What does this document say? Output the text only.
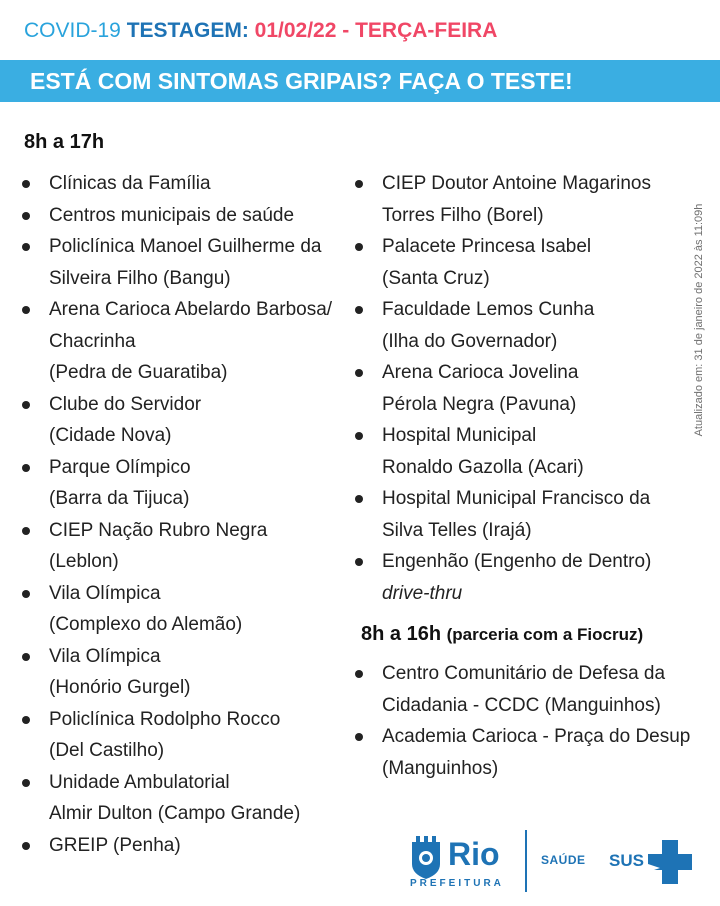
COVID-19 TESTAGEM: 01/02/22 - TERÇA-FEIRA
ESTÁ COM SINTOMAS GRIPAIS? FAÇA O TESTE!
8h a 17h
Clínicas da Família
Centros municipais de saúde
Policlínica Manoel Guilherme da
Silveira Filho (Bangu)
Arena Carioca Abelardo Barbosa/
Chacrinha
(Pedra de Guaratiba)
Clube do Servidor
(Cidade Nova)
Parque Olímpico
(Barra da Tijuca)
CIEP Nação Rubro Negra
(Leblon)
Vila Olímpica
(Complexo do Alemão)
Vila Olímpica
(Honório Gurgel)
Policlínica Rodolpho Rocco
(Del Castilho)
Unidade Ambulatorial
Almir Dulton (Campo Grande)
GREIP (Penha)
CIEP Doutor Antoine Magarinos
Torres Filho (Borel)
Palacete Princesa Isabel
(Santa Cruz)
Faculdade Lemos Cunha
(Ilha do Governador)
Arena Carioca Jovelina
Pérola Negra (Pavuna)
Hospital Municipal
Ronaldo Gazolla (Acari)
Hospital Municipal Francisco da
Silva Telles (Irajá)
Engenhão (Engenho de Dentro)
drive-thru
8h a 16h (parceria com a Fiocruz)
Centro Comunitário de Defesa da
Cidadania - CCDC (Manguinhos)
Academia Carioca - Praça do Desup
(Manguinhos)
Atualizado em: 31 de janeiro de 2022 às 11:09h
Rio
PREFEITURA
SAÚDE SUS
